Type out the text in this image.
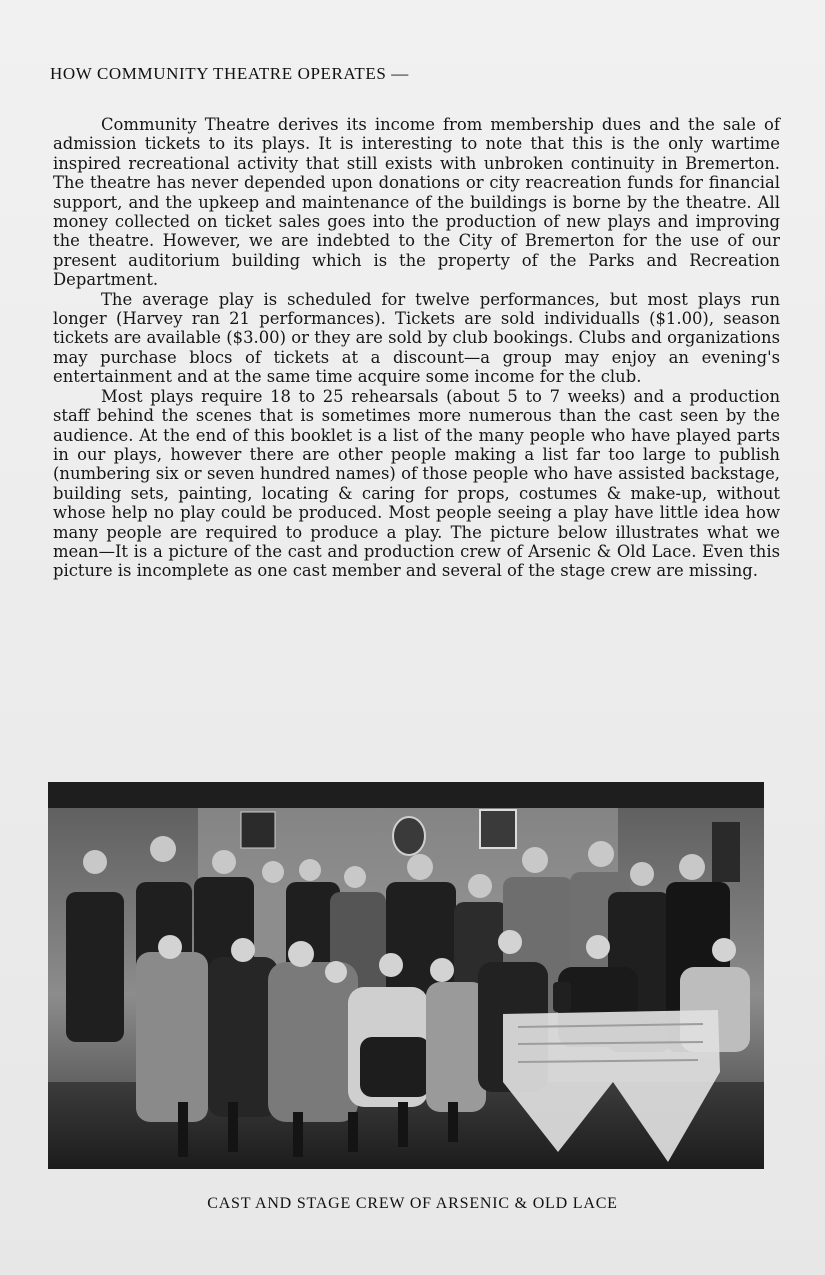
HOW COMMUNITY THEATRE OPERATES —

Community Theatre derives its income from membership dues and the sale of admission tickets to its plays. It is interesting to note that this is the only wartime inspired recreational activity that still exists with unbroken continuity in Bremerton. The theatre has never depended upon donations or city reacreation funds for financial support, and the upkeep and maintenance of the buildings is borne by the theatre. All money collected on ticket sales goes into the production of new plays and improving the theatre. However, we are indebted to the City of Bremerton for the use of our present auditorium building which is the property of the Parks and Recreation Department.

The average play is scheduled for twelve performances, but most plays run longer (Harvey ran 21 performances). Tickets are sold individualls ($1.00), season tickets are available ($3.00) or they are sold by club bookings. Clubs and organizations may purchase blocs of tickets at a discount—a group may enjoy an evening's entertainment and at the same time acquire some income for the club.

Most plays require 18 to 25 rehearsals (about 5 to 7 weeks) and a production staff behind the scenes that is sometimes more numerous than the cast seen by the audience. At the end of this booklet is a list of the many people who have played parts in our plays, however there are other people making a list far too large to publish (numbering six or seven hundred names) of those people who have assisted backstage, building sets, painting, locating & caring for props, costumes & make-up, without whose help no play could be produced. Most people seeing a play have little idea how many people are required to produce a play. The picture below illustrates what we mean—It is a picture of the cast and production crew of Arsenic & Old Lace. Even this picture is incomplete as one cast member and several of the stage crew are missing.

CAST AND STAGE CREW OF ARSENIC & OLD LACE
